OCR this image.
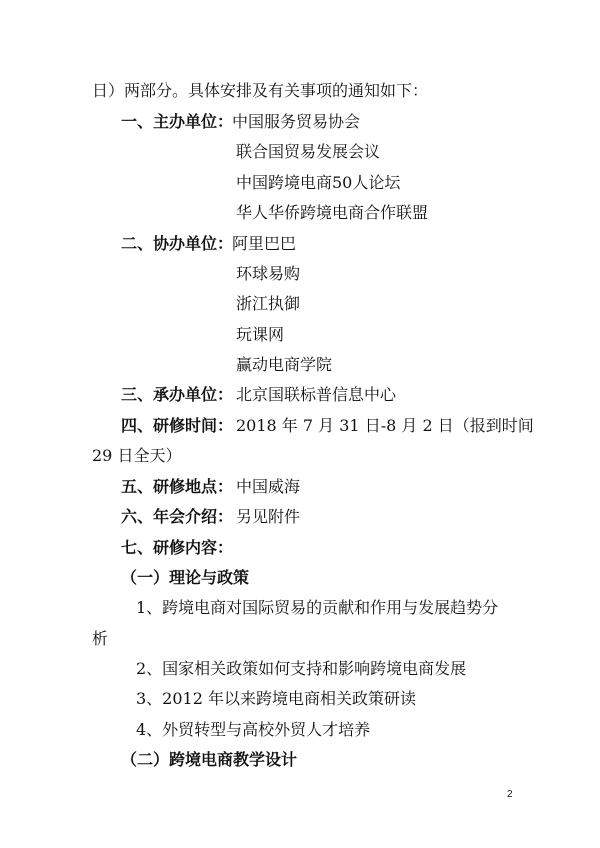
日）两部分。具体安排及有关事项的通知如下：
一、主办单位：
中国服务贸易协会
联合国贸易发展会议
中国跨境电商50人论坛
华人华侨跨境电商合作联盟
二、协办单位：
阿里巴巴
环球易购
浙江执御
玩课网
赢动电商学院
三、承办单位： 北京国联标普信息中心
四、研修时间： 2018 年 7 月 31 日-8 月 2 日（报到时间
29 日全天）
五、研修地点： 中国威海
六、年会介绍： 另见附件
七、研修内容：
（一）理论与政策
1、跨境电商对国际贸易的贡献和作用与发展趋势分
析
2、国家相关政策如何支持和影响跨境电商发展
3、2012 年以来跨境电商相关政策研读
4、外贸转型与高校外贸人才培养
（二）跨境电商教学设计
2
